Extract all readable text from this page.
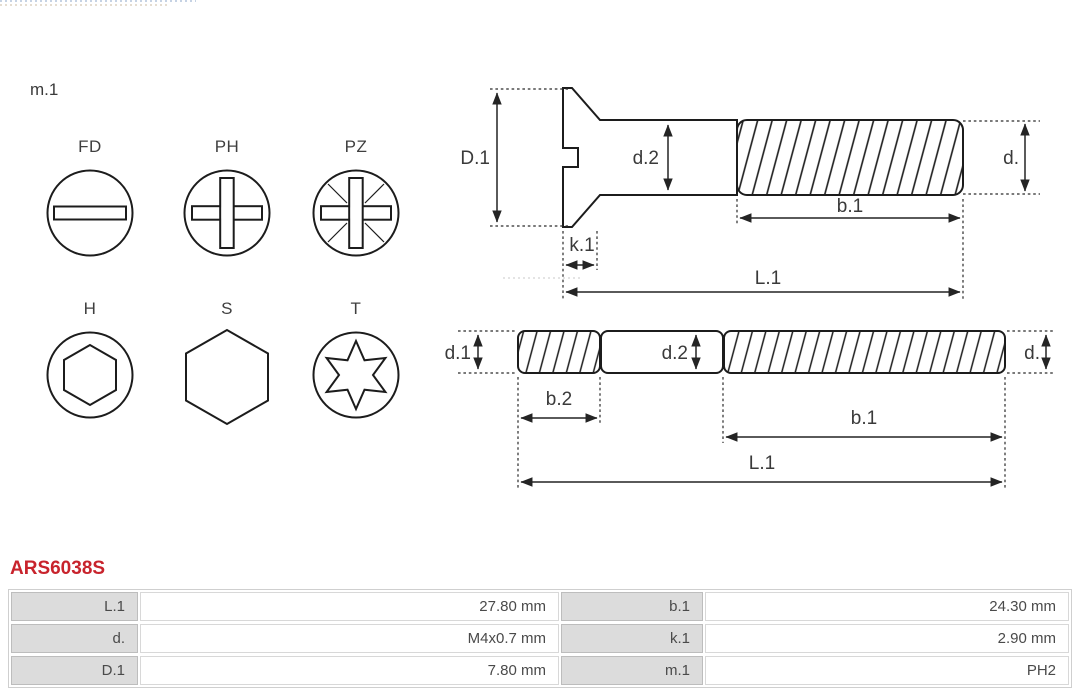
m.1
FD	PH	PZ
H	S	T
D.1	d.2	d.
b.1
k.1
L.1
d.1	d.2	d.
b.2
b.1
L.1
ARS6038S
L.1	27.80 mm	b.1	24.30 mm
d.	M4x0.7 mm	k.1	2.90 mm
D.1	7.80 mm	m.1	PH2
